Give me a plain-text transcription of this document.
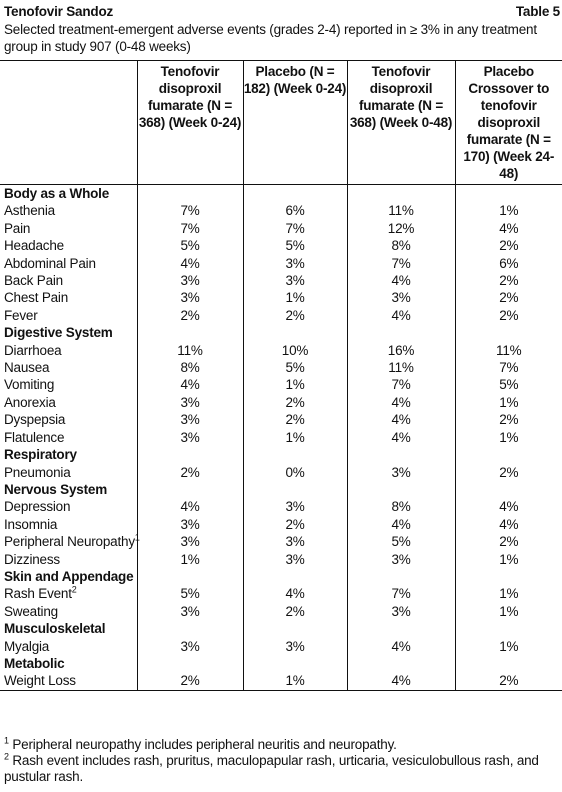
Tenofovir Sandoz	Table 5
Selected treatment-emergent adverse events (grades 2-4) reported in ≥ 3% in any treatment group in study 907 (0-48 weeks)
	Tenofovir disoproxil fumarate (N = 368) (Week 0-24)	Placebo (N = 182) (Week 0-24)	Tenofovir disoproxil fumarate (N = 368) (Week 0-48)	Placebo Crossover to tenofovir disoproxil fumarate (N = 170) (Week 24-48)
Body as a Whole				
Asthenia	7%	6%	11%	1%
Pain	7%	7%	12%	4%
Headache	5%	5%	8%	2%
Abdominal Pain	4%	3%	7%	6%
Back Pain	3%	3%	4%	2%
Chest Pain	3%	1%	3%	2%
Fever	2%	2%	4%	2%
Digestive System				
Diarrhoea	11%	10%	16%	11%
Nausea	8%	5%	11%	7%
Vomiting	4%	1%	7%	5%
Anorexia	3%	2%	4%	1%
Dyspepsia	3%	2%	4%	2%
Flatulence	3%	1%	4%	1%
Respiratory				
Pneumonia	2%	0%	3%	2%
Nervous System				
Depression	4%	3%	8%	4%
Insomnia	3%	2%	4%	4%
Peripheral Neuropathy$^1$	3%	3%	5%	2%
Dizziness	1%	3%	3%	1%
Skin and Appendage				
Rash Event$^2$	5%	4%	7%	1%
Sweating	3%	2%	3%	1%
Musculoskeletal				
Myalgia	3%	3%	4%	1%
Metabolic				
Weight Loss	2%	1%	4%	2%
$^1$ Peripheral neuropathy includes peripheral neuritis and neuropathy.
$^2$ Rash event includes rash, pruritus, maculopapular rash, urticaria, vesiculobullous rash, and pustular rash.
